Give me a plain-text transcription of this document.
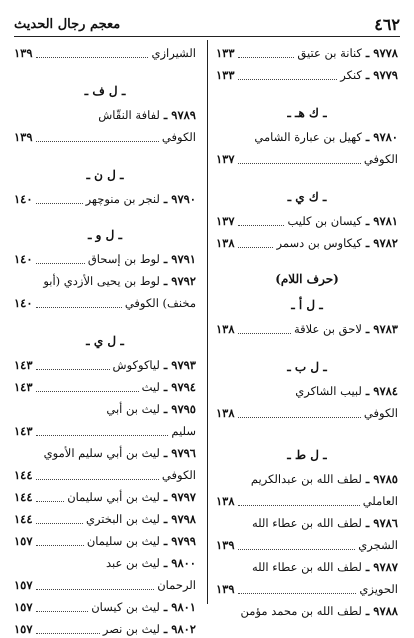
٤٦٢
معجم رجال الحديث
٩٧٧٨ ـ
كنانة بن عتيق
١٣٣
٩٧٧٩ ـ
كنكر
١٣٣
ـ ك هـ ـ
٩٧٨٠ ـ
كهيل بن عبارة الشامي
الكوفي
١٣٧
ـ ك ي ـ
٩٧٨١ ـ
كيسان بن كليب
١٣٧
٩٧٨٢ ـ
كيكاوس بن دسمر
١٣٨
(حرف اللام)
ـ ل أ ـ
٩٧٨٣ ـ
لاحق بن علاقة
١٣٨
ـ ل ب ـ
٩٧٨٤ ـ
لبيب الشاكري
الكوفي
١٣٨
ـ ل ط ـ
٩٧٨٥ ـ
لطف الله بن عبدالكريم
العاملي
١٣٨
٩٧٨٦ ـ
لطف الله بن عطاء الله
الشجري
١٣٩
٩٧٨٧ ـ
لطف الله بن عطاء الله
الحويزي
١٣٩
٩٧٨٨ ـ
لطف الله بن محمد مؤمن
الشيرازي
١٣٩
ـ ل ف ـ
٩٧٨٩ ـ
لفافة النقّاش
الكوفي
١٣٩
ـ ل ن ـ
٩٧٩٠ ـ
لنجر بن منوچهر
١٤٠
ـ ل و ـ
٩٧٩١ ـ
لوط بن إسحاق
١٤٠
٩٧٩٢ ـ
لوط بن يحيى الأزدي (أبو
مخنف) الكوفي
١٤٠
ـ ل ي ـ
٩٧٩٣ ـ
لياكوكوش
١٤٣
٩٧٩٤ ـ
ليث
١٤٣
٩٧٩٥ ـ
ليث بن أبي
سليم
١٤٣
٩٧٩٦ ـ
ليث بن أبي سليم الأموي
الكوفي
١٤٤
٩٧٩٧ ـ
ليث بن أبي سليمان
١٤٤
٩٧٩٨ ـ
ليث بن البختري
١٤٤
٩٧٩٩ ـ
ليث بن سليمان
١٥٧
٩٨٠٠ ـ
ليث بن عبد
الرحمان
١٥٧
٩٨٠١ ـ
ليث بن كيسان
١٥٧
٩٨٠٢ ـ
ليث بن نصر
١٥٧
